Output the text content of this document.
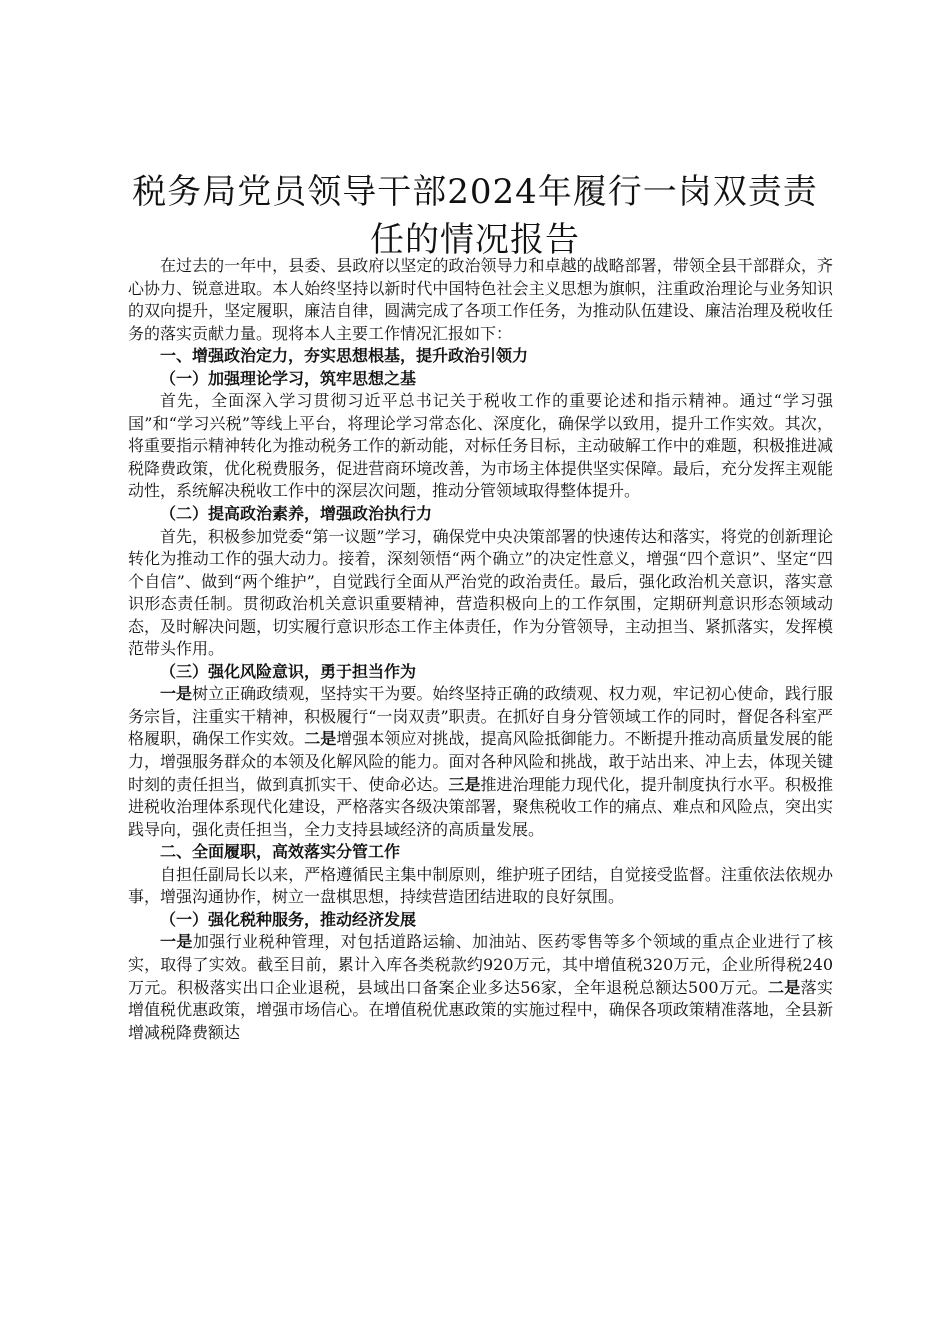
税务局党员领导干部2024年履行一岗双责责任的情况报告

在过去的一年中，县委、县政府以坚定的政治领导力和卓越的战略部署，带领全县干部群众，齐心协力、锐意进取。本人始终坚持以新时代中国特色社会主义思想为旗帜，注重政治理论与业务知识的双向提升，坚定履职，廉洁自律，圆满完成了各项工作任务，为推动队伍建设、廉洁治理及税收任务的落实贡献力量。现将本人主要工作情况汇报如下：

一、增强政治定力，夯实思想根基，提升政治引领力

（一）加强理论学习，筑牢思想之基

首先，全面深入学习贯彻习近平总书记关于税收工作的重要论述和指示精神。通过“学习强国”和“学习兴税”等线上平台，将理论学习常态化、深度化，确保学以致用，提升工作实效。其次，将重要指示精神转化为推动税务工作的新动能，对标任务目标，主动破解工作中的难题，积极推进减税降费政策，优化税费服务，促进营商环境改善，为市场主体提供坚实保障。最后，充分发挥主观能动性，系统解决税收工作中的深层次问题，推动分管领域取得整体提升。

（二）提高政治素养，增强政治执行力

首先，积极参加党委“第一议题”学习，确保党中央决策部署的快速传达和落实，将党的创新理论转化为推动工作的强大动力。接着，深刻领悟“两个确立”的决定性意义，增强“四个意识”、坚定“四个自信”、做到“两个维护”，自觉践行全面从严治党的政治责任。最后，强化政治机关意识，落实意识形态责任制。贯彻政治机关意识重要精神，营造积极向上的工作氛围，定期研判意识形态领域动态，及时解决问题，切实履行意识形态工作主体责任，作为分管领导，主动担当、紧抓落实，发挥模范带头作用。

（三）强化风险意识，勇于担当作为

一是树立正确政绩观，坚持实干为要。始终坚持正确的政绩观、权力观，牢记初心使命，践行服务宗旨，注重实干精神，积极履行“一岗双责”职责。在抓好自身分管领域工作的同时，督促各科室严格履职，确保工作实效。二是增强本领应对挑战，提高风险抵御能力。不断提升推动高质量发展的能力，增强服务群众的本领及化解风险的能力。面对各种风险和挑战，敢于站出来、冲上去，体现关键时刻的责任担当，做到真抓实干、使命必达。三是推进治理能力现代化，提升制度执行水平。积极推进税收治理体系现代化建设，严格落实各级决策部署，聚焦税收工作的痛点、难点和风险点，突出实践导向，强化责任担当，全力支持县域经济的高质量发展。

二、全面履职，高效落实分管工作

自担任副局长以来，严格遵循民主集中制原则，维护班子团结，自觉接受监督。注重依法依规办事，增强沟通协作，树立一盘棋思想，持续营造团结进取的良好氛围。

（一）强化税种服务，推动经济发展

一是加强行业税种管理，对包括道路运输、加油站、医药零售等多个领域的重点企业进行了核实，取得了实效。截至目前，累计入库各类税款约920万元，其中增值税320万元，企业所得税240万元。积极落实出口企业退税，县域出口备案企业多达56家，全年退税总额达500万元。二是落实增值税优惠政策，增强市场信心。在增值税优惠政策的实施过程中，确保各项政策精准落地，全县新增减税降费额达
